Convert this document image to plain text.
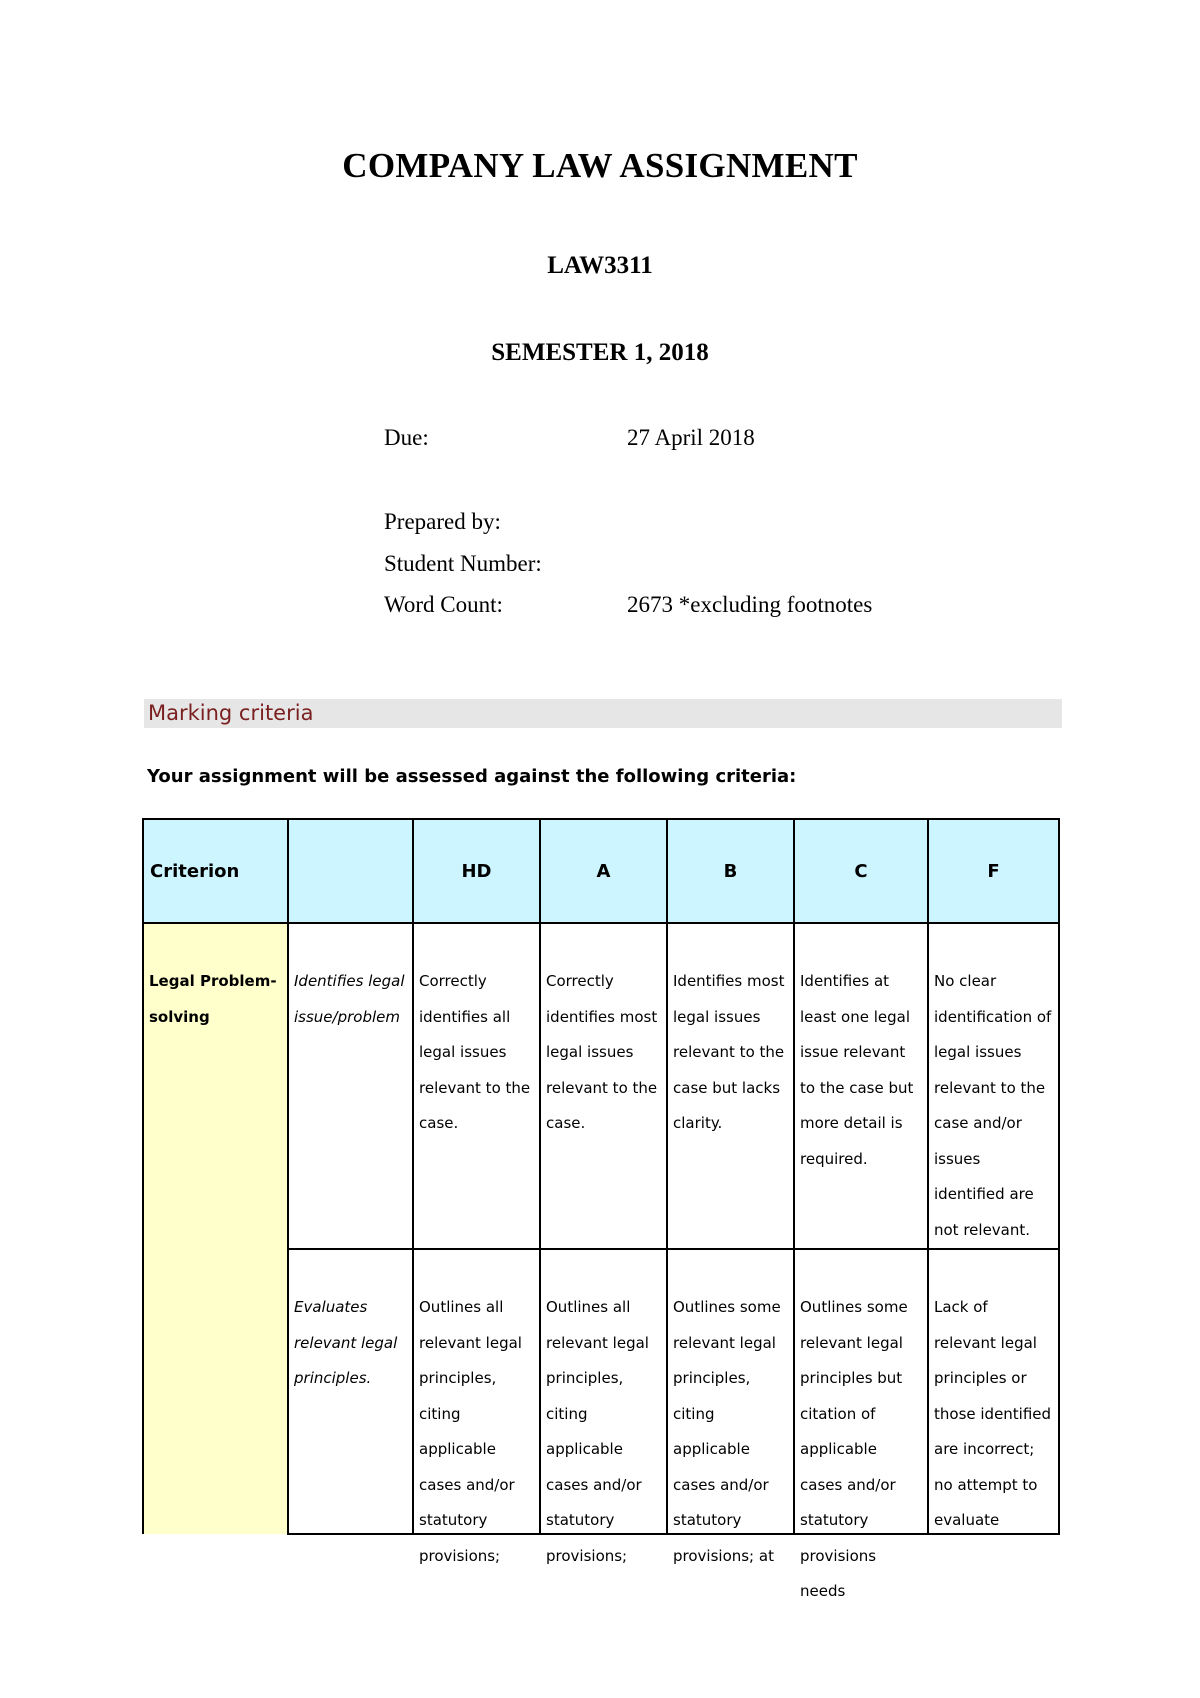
COMPANY LAW ASSIGNMENT
LAW3311
SEMESTER 1, 2018
Due:	27 April 2018
Prepared by:
Student Number:
Word Count:	2673 *excluding footnotes
Marking criteria
Your assignment will be assessed against the following criteria:
Criterion		HD	A	B	C	F
Legal Problem-solving	Identifies legal issue/problem	Correctly identifies all legal issues relevant to the case.	Correctly identifies most legal issues relevant to the case.	Identifies most legal issues relevant to the case but lacks clarity.	Identifies at least one legal issue relevant to the case but more detail is required.	No clear identification of legal issues relevant to the case and/or issues identified are not relevant.

	Evaluates relevant legal principles.	Outlines all relevant legal principles, citing applicable cases and/or statutory provisions;	Outlines all relevant legal principles, citing applicable cases and/or statutory provisions;	Outlines some relevant legal principles, citing applicable cases and/or statutory provisions; at	Outlines some relevant legal principles but citation of applicable cases and/or statutory provisions needs	Lack of relevant legal principles or those identified are incorrect; no attempt to evaluate
